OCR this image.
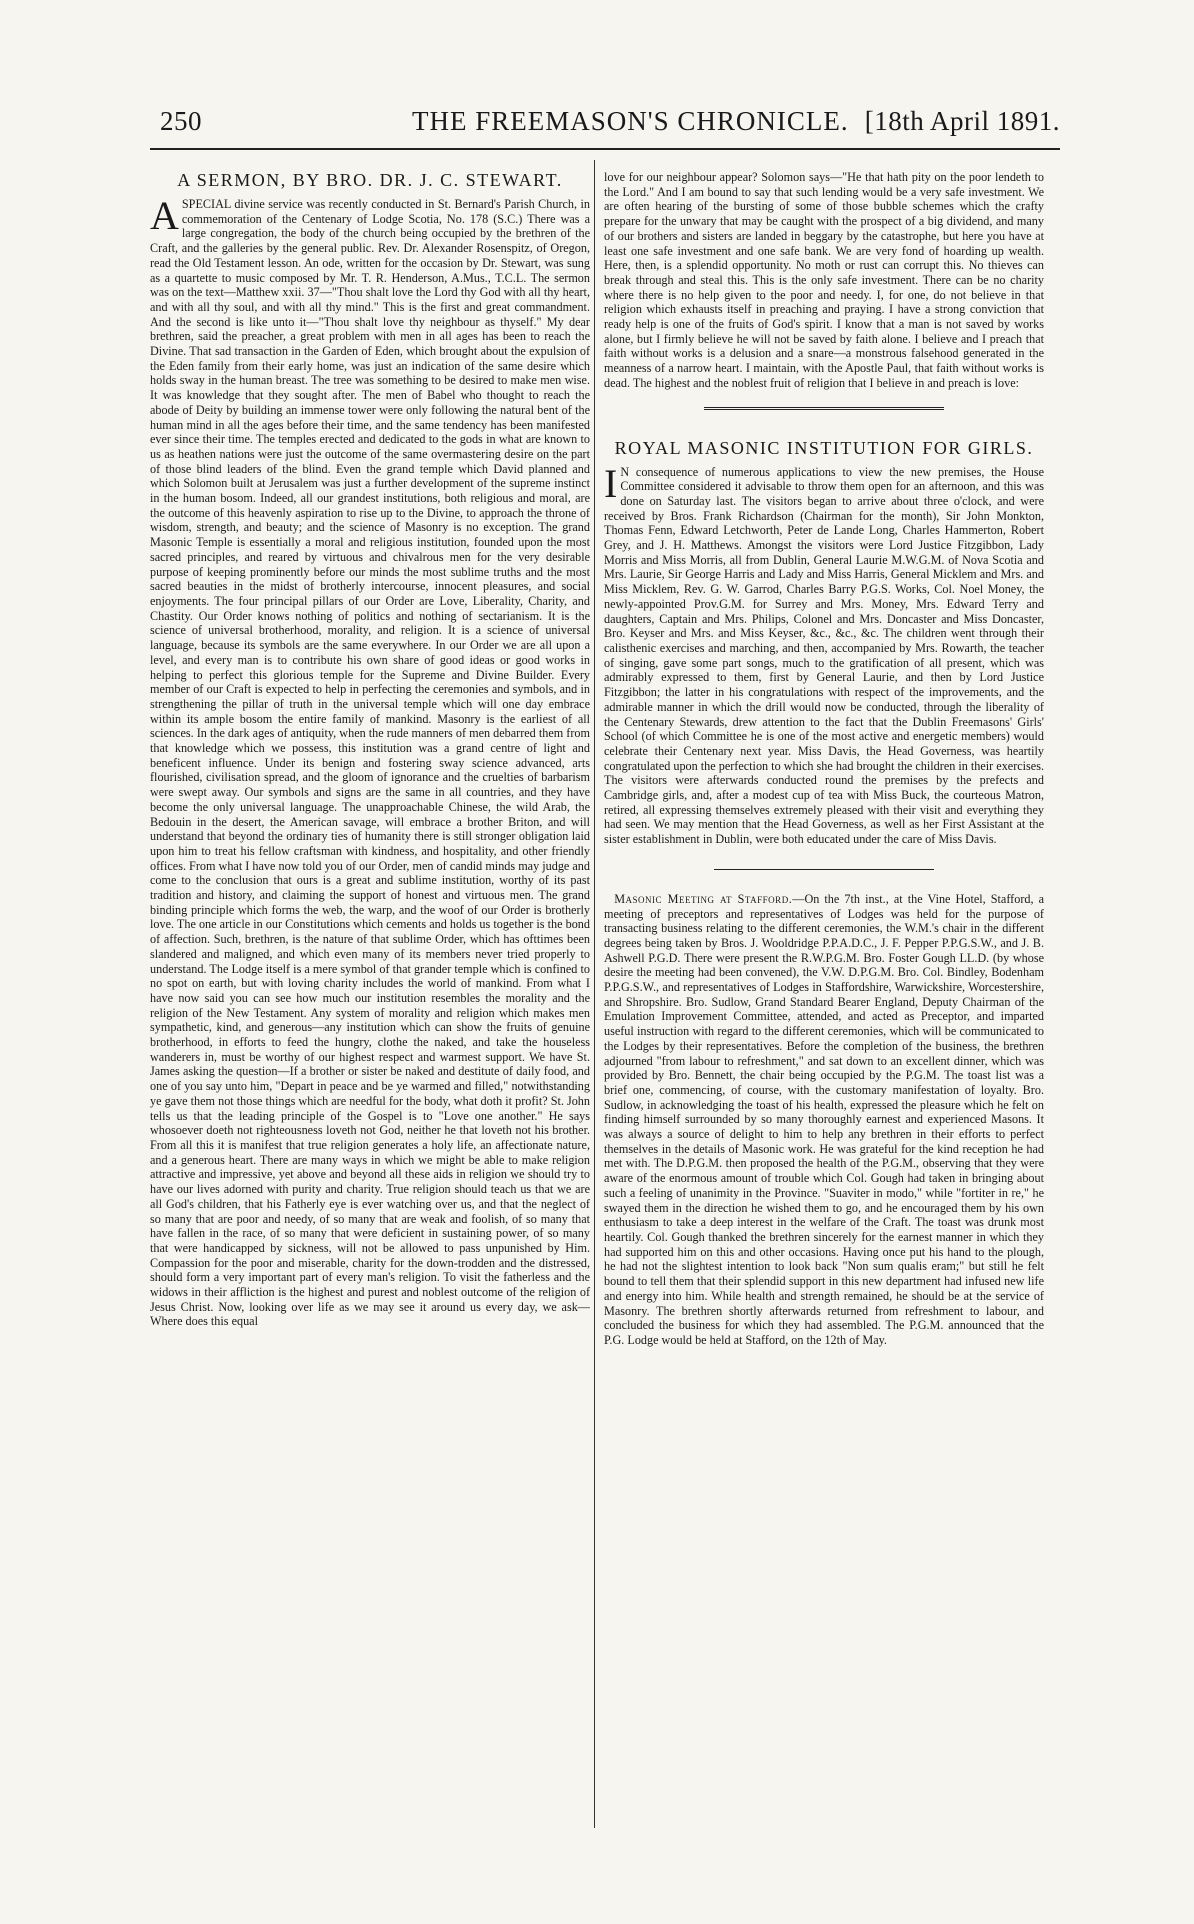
250	THE FREEMASON'S CHRONICLE. [18th April 1891.
A SERMON, BY BRO. DR. J. C. STEWART.

ASPECIAL divine service was recently conducted in St. Bernard's Parish Church, in commemoration of the Centenary of Lodge Scotia, No. 178 (S.C.) There was a large congregation, the body of the church being occupied by the brethren of the Craft, and the galleries by the general public. Rev. Dr. Alexander Rosenspitz, of Oregon, read the Old Testament lesson. An ode, written for the occasion by Dr. Stewart, was sung as a quartette to music composed by Mr. T. R. Henderson, A.Mus., T.C.L. The sermon was on the text—Matthew xxii. 37—"Thou shalt love the Lord thy God with all thy heart, and with all thy soul, and with all thy mind." This is the first and great commandment. And the second is like unto it—"Thou shalt love thy neighbour as thyself." My dear brethren, said the preacher, a great problem with men in all ages has been to reach the Divine. That sad transaction in the Garden of Eden, which brought about the expulsion of the Eden family from their early home, was just an indication of the same desire which holds sway in the human breast. The tree was something to be desired to make men wise. It was knowledge that they sought after. The men of Babel who thought to reach the abode of Deity by building an immense tower were only following the natural bent of the human mind in all the ages before their time, and the same tendency has been manifested ever since their time. The temples erected and dedicated to the gods in what are known to us as heathen nations were just the outcome of the same overmastering desire on the part of those blind leaders of the blind. Even the grand temple which David planned and which Solomon built at Jerusalem was just a further development of the supreme instinct in the human bosom. Indeed, all our grandest institutions, both religious and moral, are the outcome of this heavenly aspiration to rise up to the Divine, to approach the throne of wisdom, strength, and beauty; and the science of Masonry is no exception. The grand Masonic Temple is essentially a moral and religious institution, founded upon the most sacred principles, and reared by virtuous and chivalrous men for the very desirable purpose of keeping prominently before our minds the most sublime truths and the most sacred beauties in the midst of brotherly intercourse, innocent pleasures, and social enjoyments. The four principal pillars of our Order are Love, Liberality, Charity, and Chastity. Our Order knows nothing of politics and nothing of sectarianism. It is the science of universal brotherhood, morality, and religion. It is a science of universal language, because its symbols are the same everywhere. In our Order we are all upon a level, and every man is to contribute his own share of good ideas or good works in helping to perfect this glorious temple for the Supreme and Divine Builder. Every member of our Craft is expected to help in perfecting the ceremonies and symbols, and in strengthening the pillar of truth in the universal temple which will one day embrace within its ample bosom the entire family of mankind. Masonry is the earliest of all sciences. In the dark ages of antiquity, when the rude manners of men debarred them from that knowledge which we possess, this institution was a grand centre of light and beneficent influence. Under its benign and fostering sway science advanced, arts flourished, civilisation spread, and the gloom of ignorance and the cruelties of barbarism were swept away. Our symbols and signs are the same in all countries, and they have become the only universal language. The unapproachable Chinese, the wild Arab, the Bedouin in the desert, the American savage, will embrace a brother Briton, and will understand that beyond the ordinary ties of humanity there is still stronger obligation laid upon him to treat his fellow craftsman with kindness, and hospitality, and other friendly offices. From what I have now told you of our Order, men of candid minds may judge and come to the conclusion that ours is a great and sublime institution, worthy of its past tradition and history, and claiming the support of honest and virtuous men. The grand binding principle which forms the web, the warp, and the woof of our Order is brotherly love. The one article in our Constitutions which cements and holds us together is the bond of affection. Such, brethren, is the nature of that sublime Order, which has ofttimes been slandered and maligned, and which even many of its members never tried properly to understand. The Lodge itself is a mere symbol of that grander temple which is confined to no spot on earth, but with loving charity includes the world of mankind. From what I have now said you can see how much our institution resembles the morality and the religion of the New Testament. Any system of morality and religion which makes men sympathetic, kind, and generous—any institution which can show the fruits of genuine brotherhood, in efforts to feed the hungry, clothe the naked, and take the houseless wanderers in, must be worthy of our highest respect and warmest support. We have St. James asking the question—If a brother or sister be naked and destitute of daily food, and one of you say unto him, "Depart in peace and be ye warmed and filled," notwithstanding ye gave them not those things which are needful for the body, what doth it profit? St. John tells us that the leading principle of the Gospel is to "Love one another." He says whosoever doeth not righteousness loveth not God, neither he that loveth not his brother. From all this it is manifest that true religion generates a holy life, an affectionate nature, and a generous heart. There are many ways in which we might be able to make religion attractive and impressive, yet above and beyond all these aids in religion we should try to have our lives adorned with purity and charity. True religion should teach us that we are all God's children, that his Fatherly eye is ever watching over us, and that the neglect of so many that are poor and needy, of so many that are weak and foolish, of so many that have fallen in the race, of so many that were deficient in sustaining power, of so many that were handicapped by sickness, will not be allowed to pass unpunished by Him. Compassion for the poor and miserable, charity for the down-trodden and the distressed, should form a very important part of every man's religion. To visit the fatherless and the widows in their affliction is the highest and purest and noblest outcome of the religion of Jesus Christ. Now, looking over life as we may see it around us every day, we ask—Where does this equal

love for our neighbour appear? Solomon says—"He that hath pity on the poor lendeth to the Lord." And I am bound to say that such lending would be a very safe investment. We are often hearing of the bursting of some of those bubble schemes which the crafty prepare for the unwary that may be caught with the prospect of a big dividend, and many of our brothers and sisters are landed in beggary by the catastrophe, but here you have at least one safe investment and one safe bank. We are very fond of hoarding up wealth. Here, then, is a splendid opportunity. No moth or rust can corrupt this. No thieves can break through and steal this. This is the only safe investment. There can be no charity where there is no help given to the poor and needy. I, for one, do not believe in that religion which exhausts itself in preaching and praying. I have a strong conviction that ready help is one of the fruits of God's spirit. I know that a man is not saved by works alone, but I firmly believe he will not be saved by faith alone. I believe and I preach that faith without works is a delusion and a snare—a monstrous falsehood generated in the meanness of a narrow heart. I maintain, with the Apostle Paul, that faith without works is dead. The highest and the noblest fruit of religion that I believe in and preach is love:

ROYAL MASONIC INSTITUTION FOR GIRLS.

I N consequence of numerous applications to view the new premises, the House Committee considered it advisable to throw them open for an afternoon, and this was done on Saturday last. The visitors began to arrive about three o'clock, and were received by Bros. Frank Richardson (Chairman for the month), Sir John Monkton, Thomas Fenn, Edward Letchworth, Peter de Lande Long, Charles Hammerton, Robert Grey, and J. H. Matthews. Amongst the visitors were Lord Justice Fitzgibbon, Lady Morris and Miss Morris, all from Dublin, General Laurie M.W.G.M. of Nova Scotia and Mrs. Laurie, Sir George Harris and Lady and Miss Harris, General Micklem and Mrs. and Miss Micklem, Rev. G. W. Garrod, Charles Barry P.G.S. Works, Col. Noel Money, the newly-appointed Prov.G.M. for Surrey and Mrs. Money, Mrs. Edward Terry and daughters, Captain and Mrs. Philips, Colonel and Mrs. Doncaster and Miss Doncaster, Bro. Keyser and Mrs. and Miss Keyser, &c., &c., &c. The children went through their calisthenic exercises and marching, and then, accompanied by Mrs. Rowarth, the teacher of singing, gave some part songs, much to the gratification of all present, which was admirably expressed to them, first by General Laurie, and then by Lord Justice Fitzgibbon; the latter in his congratulations with respect of the improvements, and the admirable manner in which the drill would now be conducted, through the liberality of the Centenary Stewards, drew attention to the fact that the Dublin Freemasons' Girls' School (of which Committee he is one of the most active and energetic members) would celebrate their Centenary next year. Miss Davis, the Head Governess, was heartily congratulated upon the perfection to which she had brought the children in their exercises. The visitors were afterwards conducted round the premises by the prefects and Cambridge girls, and, after a modest cup of tea with Miss Buck, the courteous Matron, retired, all expressing themselves extremely pleased with their visit and everything they had seen. We may mention that the Head Governess, as well as her First Assistant at the sister establishment in Dublin, were both educated under the care of Miss Davis.

Masonic Meeting at Stafford.—On the 7th inst., at the Vine Hotel, Stafford, a meeting of preceptors and representatives of Lodges was held for the purpose of transacting business relating to the different ceremonies, the W.M.'s chair in the different degrees being taken by Bros. J. Wooldridge P.P.A.D.C., J. F. Pepper P.P.G.S.W., and J. B. Ashwell P.G.D. There were present the R.W.P.G.M. Bro. Foster Gough LL.D. (by whose desire the meeting had been convened), the V.W. D.P.G.M. Bro. Col. Bindley, Bodenham P.P.G.S.W., and representatives of Lodges in Staffordshire, Warwickshire, Worcestershire, and Shropshire. Bro. Sudlow, Grand Standard Bearer England, Deputy Chairman of the Emulation Improvement Committee, attended, and acted as Preceptor, and imparted useful instruction with regard to the different ceremonies, which will be communicated to the Lodges by their representatives. Before the completion of the business, the brethren adjourned "from labour to refreshment," and sat down to an excellent dinner, which was provided by Bro. Bennett, the chair being occupied by the P.G.M. The toast list was a brief one, commencing, of course, with the customary manifestation of loyalty. Bro. Sudlow, in acknowledging the toast of his health, expressed the pleasure which he felt on finding himself surrounded by so many thoroughly earnest and experienced Masons. It was always a source of delight to him to help any brethren in their efforts to perfect themselves in the details of Masonic work. He was grateful for the kind reception he had met with. The D.P.G.M. then proposed the health of the P.G.M., observing that they were aware of the enormous amount of trouble which Col. Gough had taken in bringing about such a feeling of unanimity in the Province. "Suaviter in modo," while "fortiter in re," he swayed them in the direction he wished them to go, and he encouraged them by his own enthusiasm to take a deep interest in the welfare of the Craft. The toast was drunk most heartily. Col. Gough thanked the brethren sincerely for the earnest manner in which they had supported him on this and other occasions. Having once put his hand to the plough, he had not the slightest intention to look back "Non sum qualis eram;" but still he felt bound to tell them that their splendid support in this new department had infused new life and energy into him. While health and strength remained, he should be at the service of Masonry. The brethren shortly afterwards returned from refreshment to labour, and concluded the business for which they had assembled. The P.G.M. announced that the P.G. Lodge would be held at Stafford, on the 12th of May.
